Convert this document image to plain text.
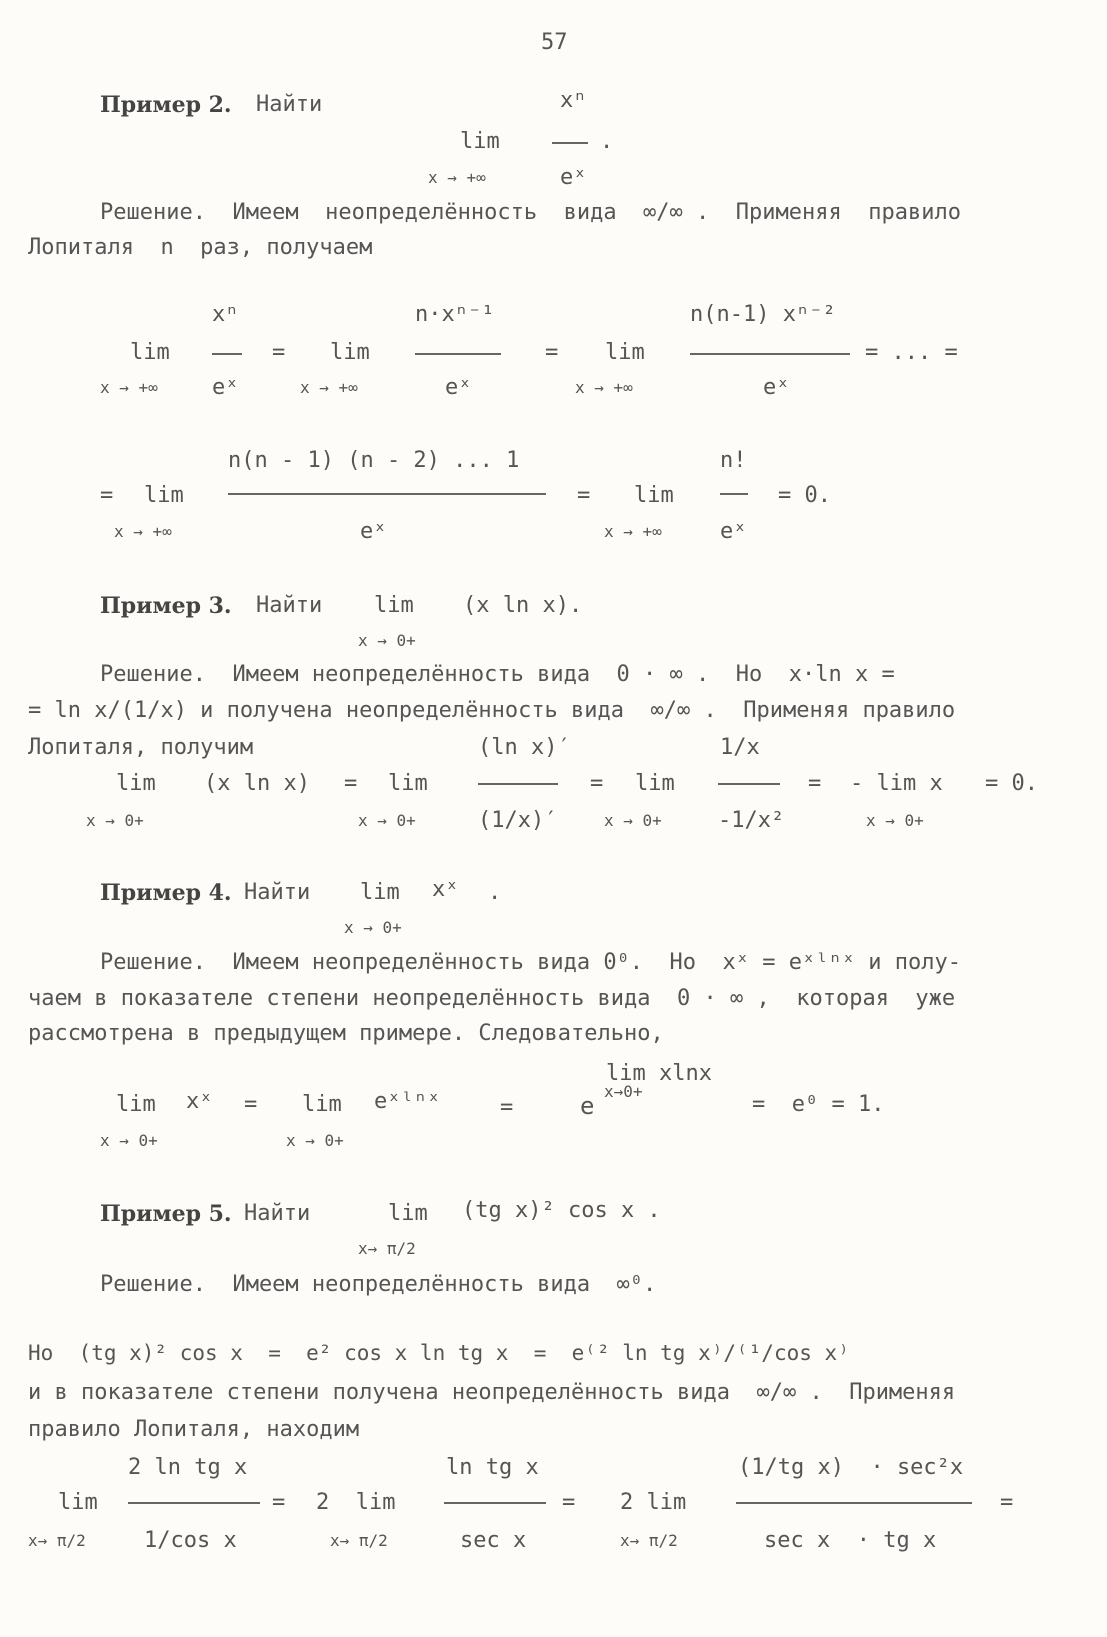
57
Пример 2. Найти	xⁿ
lim	.
x → +∞	eˣ
Решение.  Имеем  неопределённость  вида  ∞/∞ .  Применяя  правило
Лопиталя  n  раз, получаем
xⁿ
lim	=
x → +∞ eˣ
n·xⁿ⁻¹
lim	=
x → +∞	eˣ
n(n-1) xⁿ⁻²
lim	= ... =
x → +∞	eˣ
n(n - 1) (n - 2) ... 1
= lim	=
x → +∞	eˣ
n!
lim	= 0.
x → +∞	eˣ
Пример 3. Найти lim (x ln x).
x → 0+
Решение.  Имеем неопределённость вида  0 · ∞ .  Но  x·ln x =
= ln x/(1/x) и получена неопределённость вида  ∞/∞ .  Применяя правило
Лопиталя, получим
lim (x ln x)
x → 0+
=
(ln x)′
lim	=
x → 0+	(1/x)′
1/x
lim	=
x → 0+	-1/x²
- lim x = 0.
x → 0+
Пример 4. Найти lim xˣ .
x → 0+
Решение.  Имеем неопределённость вида 0⁰.  Но  xˣ = eˣˡⁿˣ и полу-
чаем в показателе степени неопределённость вида  0 · ∞ ,  которая  уже
рассмотрена в предыдущем примере. Следовательно,
lim xˣ
x → 0+
= lim eˣˡⁿˣ
x → 0+
=
lim xlnx
e
x→0+
=  e⁰ = 1.
Пример 5. Найти	lim (tg x)² cos x .
x→ π/2
Решение.  Имеем неопределённость вида  ∞⁰.
Но  (tg x)² cos x  =  e² cos x ln tg x  =  e⁽² ln tg x⁾/⁽¹/cos x⁾
и в показателе степени получена неопределённость вида  ∞/∞ .  Применяя
правило Лопиталя, находим
2 ln tg x
lim	=
x→ π/2	1/cos x
ln tg x
2  lim	=
x→ π/2	sec x
(1/tg x)  · sec²x
2 lim	=
x→ π/2	sec x  · tg x
